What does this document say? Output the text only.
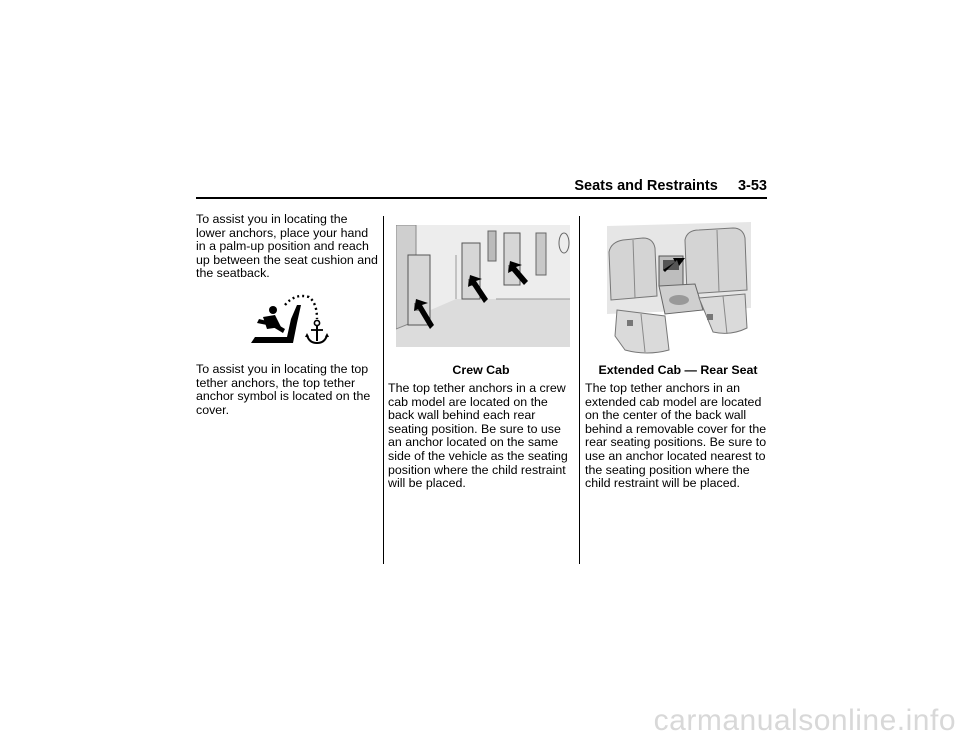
Seats and Restraints 3-53

To assist you in locating the lower anchors, place your hand in a palm-up position and reach up between the seat cushion and the seatback.

To assist you in locating the top tether anchors, the top tether anchor symbol is located on the cover.

Crew Cab

The top tether anchors in a crew cab model are located on the back wall behind each rear seating position. Be sure to use an anchor located on the same side of the vehicle as the seating position where the child restraint will be placed.

Extended Cab — Rear Seat

The top tether anchors in an extended cab model are located on the center of the back wall behind a removable cover for the rear seating positions. Be sure to use an anchor located nearest to the seating position where the child restraint will be placed.

carmanualsonline.info
